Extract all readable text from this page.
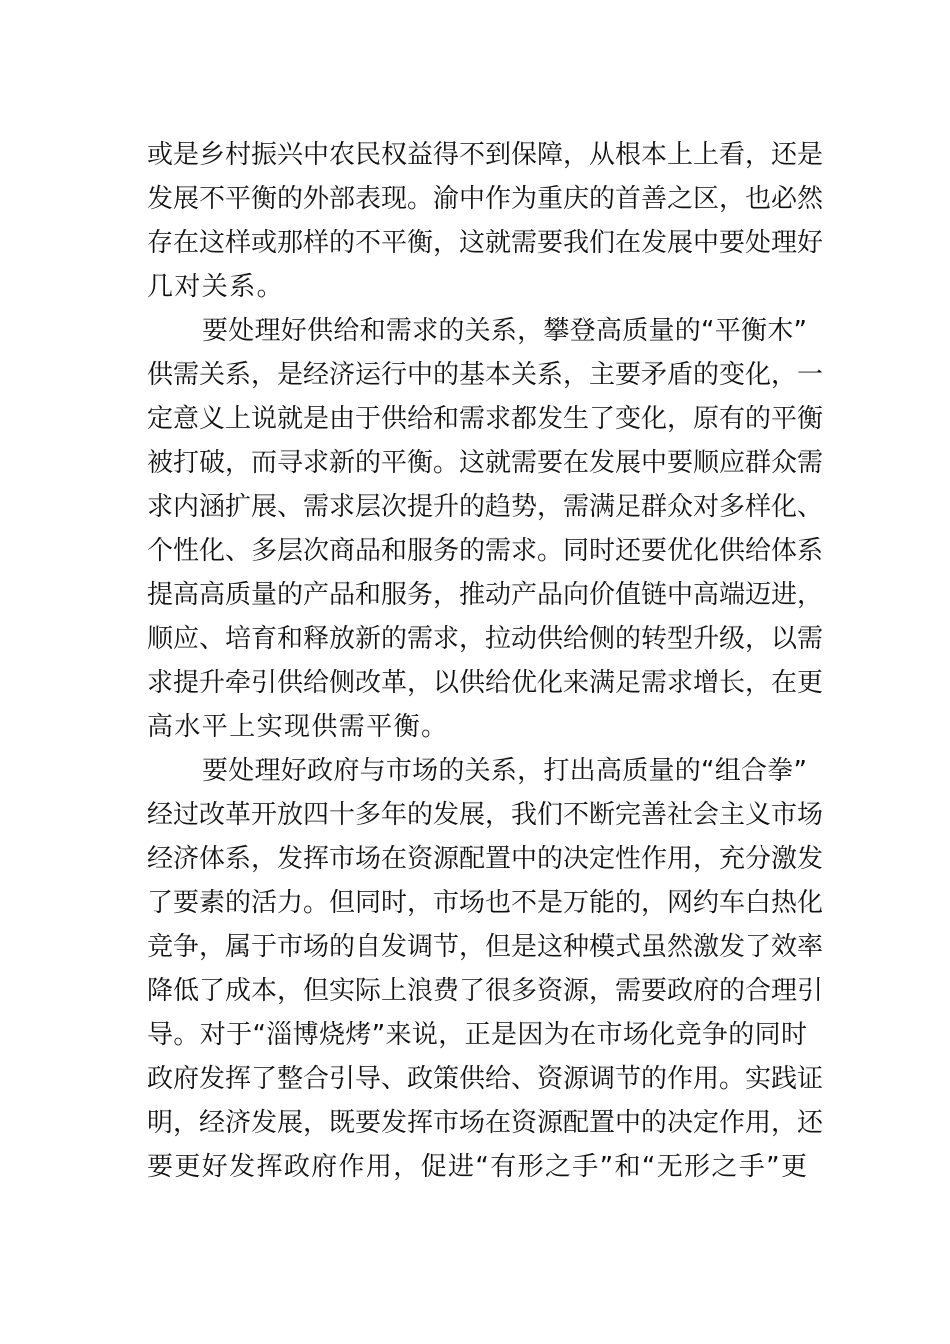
或是乡村振兴中农民权益得不到保障，从根本上上看，还是
发展不平衡的外部表现。渝中作为重庆的首善之区，也必然
存在这样或那样的不平衡，这就需要我们在发展中要处理好
几对关系。
要处理好供给和需求的关系，攀登高质量的“平衡木”
供需关系，是经济运行中的基本关系，主要矛盾的变化，一
定意义上说就是由于供给和需求都发生了变化，原有的平衡
被打破，而寻求新的平衡。这就需要在发展中要顺应群众需
求内涵扩展、需求层次提升的趋势，需满足群众对多样化、
个性化、多层次商品和服务的需求。同时还要优化供给体系
提高高质量的产品和服务，推动产品向价值链中高端迈进，
顺应、培育和释放新的需求，拉动供给侧的转型升级，以需
求提升牵引供给侧改革，以供给优化来满足需求增长，在更
高水平上实现供需平衡。
要处理好政府与市场的关系，打出高质量的“组合拳”
经过改革开放四十多年的发展，我们不断完善社会主义市场
经济体系，发挥市场在资源配置中的决定性作用，充分激发
了要素的活力。但同时，市场也不是万能的，网约车白热化
竞争，属于市场的自发调节，但是这种模式虽然激发了效率
降低了成本，但实际上浪费了很多资源，需要政府的合理引
导。对于“淄博烧烤”来说，正是因为在市场化竞争的同时
政府发挥了整合引导、政策供给、资源调节的作用。实践证
明，经济发展，既要发挥市场在资源配置中的决定作用，还
要更好发挥政府作用，促进“有形之手”和“无形之手”更
